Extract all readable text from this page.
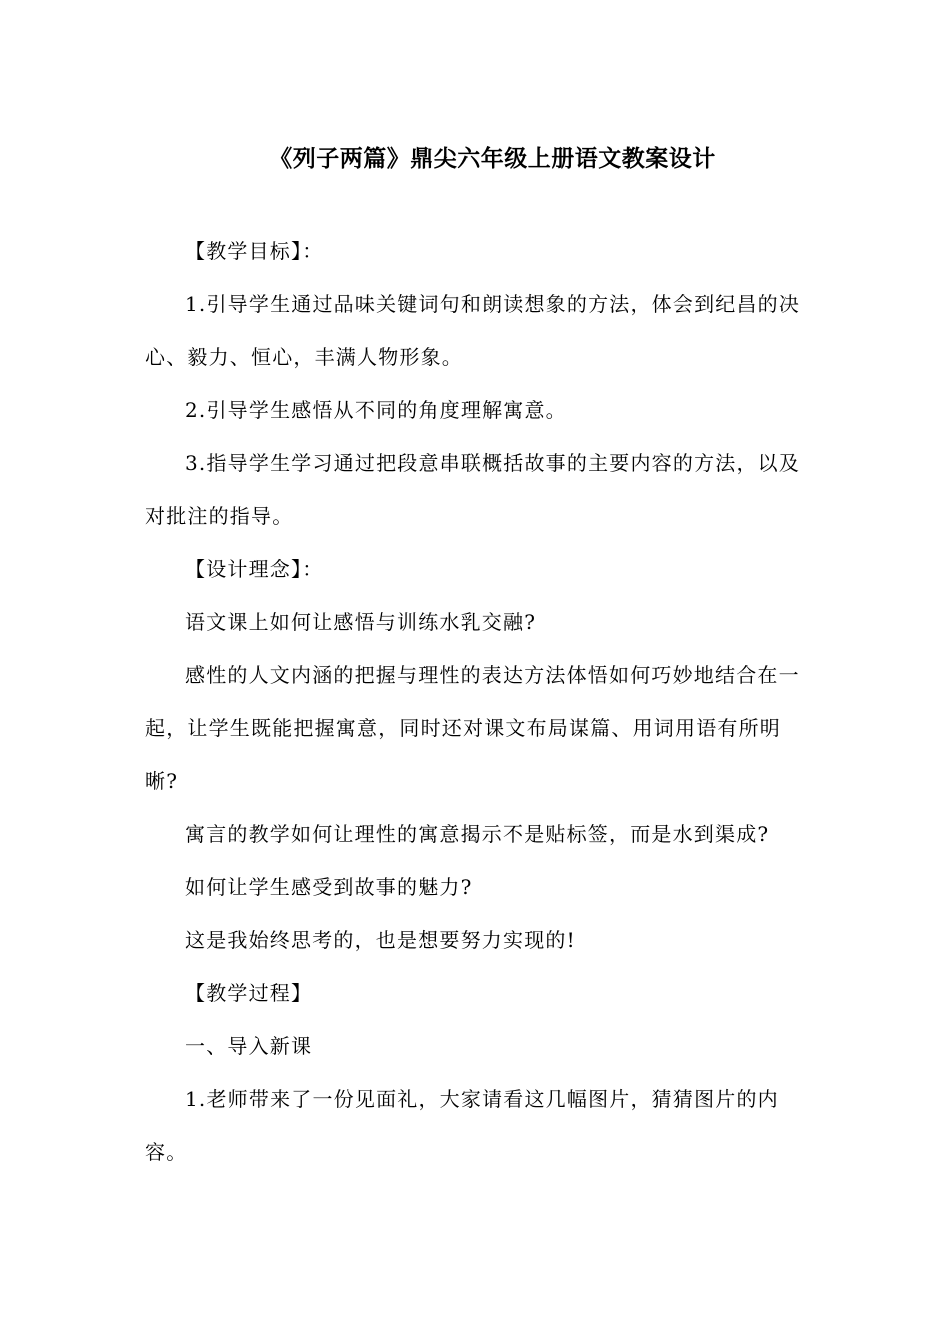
《列子两篇》鼎尖六年级上册语文教案设计

【教学目标】：

1.引导学生通过品味关键词句和朗读想象的方法，体会到纪昌的决心、毅力、恒心，丰满人物形象。

2.引导学生感悟从不同的角度理解寓意。

3.指导学生学习通过把段意串联概括故事的主要内容的方法，以及对批注的指导。

【设计理念】：

语文课上如何让感悟与训练水乳交融?

感性的人文内涵的把握与理性的表达方法体悟如何巧妙地结合在一起，让学生既能把握寓意，同时还对课文布局谋篇、用词用语有所明晰?

寓言的教学如何让理性的寓意揭示不是贴标签，而是水到渠成?

如何让学生感受到故事的魅力?

这是我始终思考的，也是想要努力实现的!

【教学过程】

一、导入新课

1.老师带来了一份见面礼，大家请看这几幅图片，猜猜图片的内容。
